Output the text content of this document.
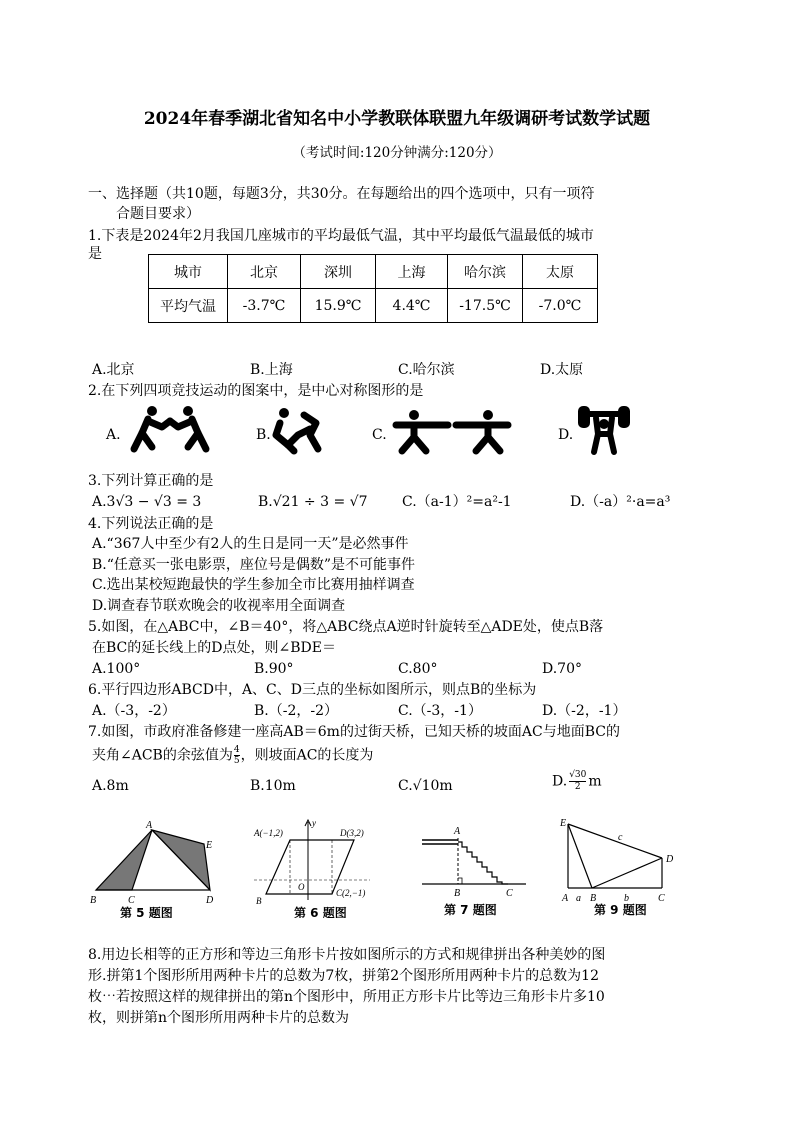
2024年春季湖北省知名中小学教联体联盟九年级调研考试数学试题
（考试时间:120分钟满分:120分）
一、选择题（共10题，每题3分，共30分。在每题给出的四个选项中，只有一项符
合题目要求）
1.下表是2024年2月我国几座城市的平均最低气温，其中平均最低气温最低的城市
是
城市	北京	深圳	上海	哈尔滨	太原
平均气温	-3.7℃	15.9℃	4.4℃	-17.5℃	-7.0℃
A.北京	B.上海	C.哈尔滨	D.太原
2.在下列四项竞技运动的图案中，是中心对称图形的是
A.	B.	C.	D.
3.下列计算正确的是
A.3√3 − √3 = 3	B.√21 ÷ 3 = √7 C.（a-1）²=a²-1	D.（-a）²·a=a³
4.下列说法正确的是
A.“367人中至少有2人的生日是同一天”是必然事件
B.“任意买一张电影票，座位号是偶数”是不可能事件
C.选出某校短跑最快的学生参加全市比赛用抽样调查
D.调查春节联欢晚会的收视率用全面调查
5.如图，在△ABC中，∠B＝40°，将△ABC绕点A逆时针旋转至△ADE处，使点B落
在BC的延长线上的D点处，则∠BDE＝
A.100°	B.90°	C.80°	D.70°
6.平行四边形ABCD中，A、C、D三点的坐标如图所示，则点B的坐标为
A.（-3，-2）	B.（-2，-2）	C.（-3，-1）	D.（-2，-1）
7.如图，市政府准备修建一座高AB＝6m的过街天桥，已知天桥的坡面AC与地面BC的
夹角∠ACB的余弦值为 $\frac{4}{5}$ ，则坡面AC的长度为
A.8m	B.10m	C.√10m	D. $\frac{√30}{2}$ m
A
B	C	D
E
第 5 题图
A(−1,2)	D(3,2)
C(2,−1)
B
O
y
第 6 题图
A
B	C
第 7 题图
E
A a B	b	C
D
c
第 9 题图
8.用边长相等的正方形和等边三角形卡片按如图所示的方式和规律拼出各种美妙的图
形.拼第1个图形所用两种卡片的总数为7枚，拼第2个图形所用两种卡片的总数为12
枚⋯若按照这样的规律拼出的第n个图形中，所用正方形卡片比等边三角形卡片多10
枚，则拼第n个图形所用两种卡片的总数为
